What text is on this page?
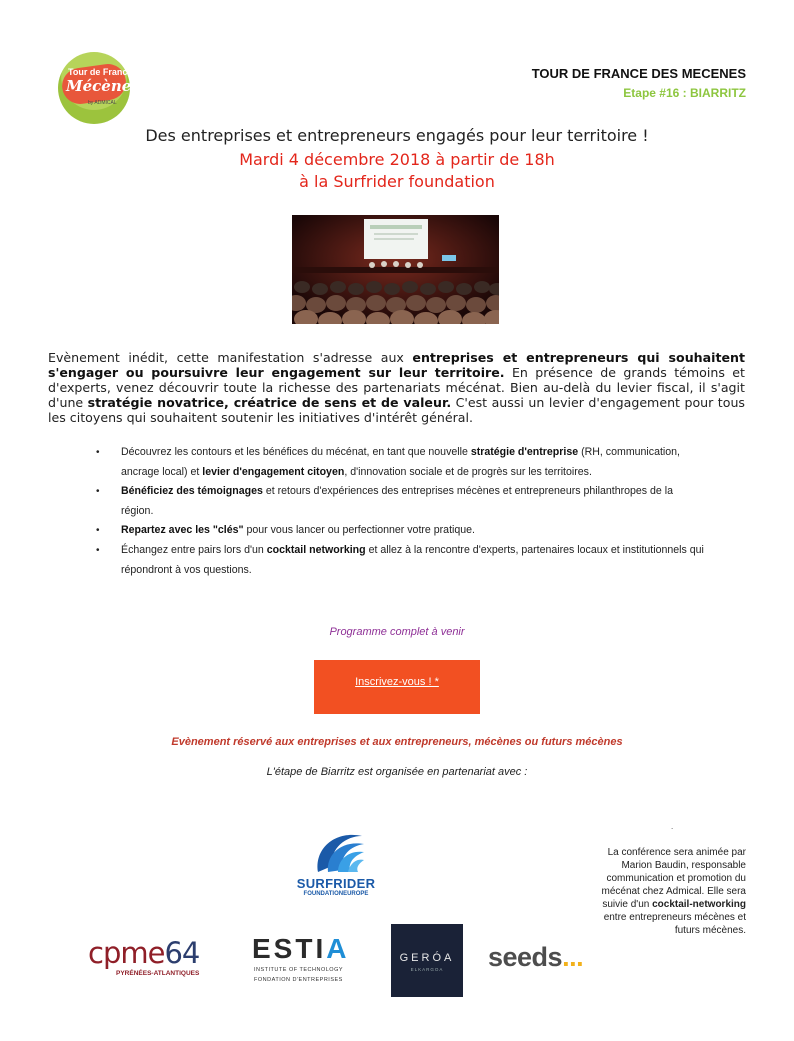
Tour de France des
Mécènes
by ADMICAL
TOUR DE FRANCE DES MECENES
Etape #16 : BIARRITZ
Des entreprises et entrepreneurs engagés pour leur territoire !
Mardi 4 décembre 2018 à partir de 18h
à la Surfrider foundation
Evènement inédit, cette manifestation s'adresse aux entreprises et entrepreneurs qui souhaitent s'engager ou poursuivre leur engagement sur leur territoire. En présence de grands témoins et d'experts, venez découvrir toute la richesse des partenariats mécénat. Bien au-delà du levier fiscal, il s'agit d'une stratégie novatrice, créatrice de sens et de valeur. C'est aussi un levier d'engagement pour tous les citoyens qui souhaitent soutenir les initiatives d'intérêt général.
• Découvrez les contours et les bénéfices du mécénat, en tant que nouvelle stratégie d'entreprise (RH, communication, ancrage local) et levier d'engagement citoyen, d'innovation sociale et de progrès sur les territoires.
• Bénéficiez des témoignages et retours d'expériences des entreprises mécènes et entrepreneurs philanthropes de la région.
• Repartez avec les "clés" pour vous lancer ou perfectionner votre pratique.
• Échangez entre pairs lors d'un cocktail networking et allez à la rencontre d'experts, partenaires locaux et institutionnels qui répondront à vos questions.
Programme complet à venir
Inscrivez-vous ! *
Evènement réservé aux entreprises et aux entrepreneurs, mécènes ou futurs mécènes
L'étape de Biarritz est organisée en partenariat avec :
.
La conférence sera animée par Marion Baudin, responsable communication et promotion du mécénat chez Admical. Elle sera suivie d'un cocktail-networking entre entrepreneurs mécènes et futurs mécènes.
SURFRIDER
FOUNDATIONEUROPE
cpme64
PYRÉNÉES-ATLANTIQUES
ESTIA
INSTITUTE OF TECHNOLOGY
FONDATION D'ENTREPRISES
GERÓA
ELKARGOA	seeds...
